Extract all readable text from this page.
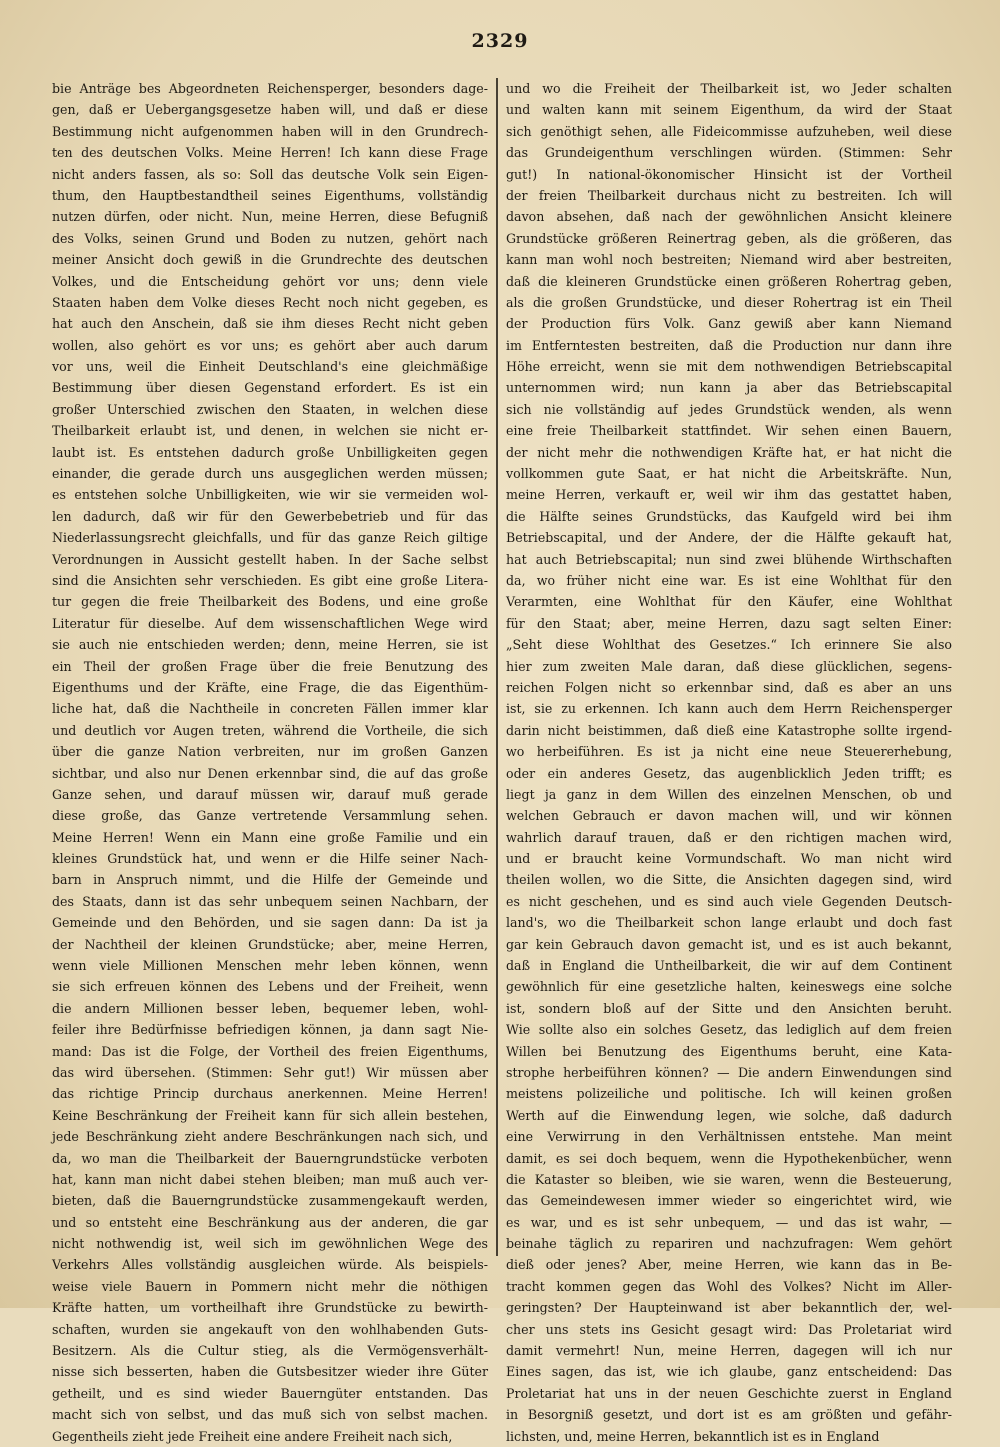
2329
bie Anträge bes Abgeordneten Reichensperger, besonders dage-
gen, daß er Uebergangsgesetze haben will, und daß er diese
Bestimmung nicht aufgenommen haben will in den Grundrech-
ten des deutschen Volks. Meine Herren! Ich kann diese Frage
nicht anders fassen, als so: Soll das deutsche Volk sein Eigen-
thum, den Hauptbestandtheil seines Eigenthums, vollständig
nutzen dürfen, oder nicht. Nun, meine Herren, diese Befugniß
des Volks, seinen Grund und Boden zu nutzen, gehört nach
meiner Ansicht doch gewiß in die Grundrechte des deutschen
Volkes, und die Entscheidung gehört vor uns; denn viele
Staaten haben dem Volke dieses Recht noch nicht gegeben, es
hat auch den Anschein, daß sie ihm dieses Recht nicht geben
wollen, also gehört es vor uns; es gehört aber auch darum
vor uns, weil die Einheit Deutschland's eine gleichmäßige
Bestimmung über diesen Gegenstand erfordert. Es ist ein
großer Unterschied zwischen den Staaten, in welchen diese
Theilbarkeit erlaubt ist, und denen, in welchen sie nicht er-
laubt ist. Es entstehen dadurch große Unbilligkeiten gegen
einander, die gerade durch uns ausgeglichen werden müssen;
es entstehen solche Unbilligkeiten, wie wir sie vermeiden wol-
len dadurch, daß wir für den Gewerbebetrieb und für das
Niederlassungsrecht gleichfalls, und für das ganze Reich giltige
Verordnungen in Aussicht gestellt haben. In der Sache selbst
sind die Ansichten sehr verschieden. Es gibt eine große Litera-
tur gegen die freie Theilbarkeit des Bodens, und eine große
Literatur für dieselbe. Auf dem wissenschaftlichen Wege wird
sie auch nie entschieden werden; denn, meine Herren, sie ist
ein Theil der großen Frage über die freie Benutzung des
Eigenthums und der Kräfte, eine Frage, die das Eigenthüm-
liche hat, daß die Nachtheile in concreten Fällen immer klar
und deutlich vor Augen treten, während die Vortheile, die sich
über die ganze Nation verbreiten, nur im großen Ganzen
sichtbar, und also nur Denen erkennbar sind, die auf das große
Ganze sehen, und darauf müssen wir, darauf muß gerade
diese große, das Ganze vertretende Versammlung sehen.
Meine Herren! Wenn ein Mann eine große Familie und ein
kleines Grundstück hat, und wenn er die Hilfe seiner Nach-
barn in Anspruch nimmt, und die Hilfe der Gemeinde und
des Staats, dann ist das sehr unbequem seinen Nachbarn, der
Gemeinde und den Behörden, und sie sagen dann: Da ist ja
der Nachtheil der kleinen Grundstücke; aber, meine Herren,
wenn viele Millionen Menschen mehr leben können, wenn
sie sich erfreuen können des Lebens und der Freiheit, wenn
die andern Millionen besser leben, bequemer leben, wohl-
feiler ihre Bedürfnisse befriedigen können, ja dann sagt Nie-
mand: Das ist die Folge, der Vortheil des freien Eigenthums,
das wird übersehen. (Stimmen: Sehr gut!) Wir müssen aber
das richtige Princip durchaus anerkennen. Meine Herren!
Keine Beschränkung der Freiheit kann für sich allein bestehen,
jede Beschränkung zieht andere Beschränkungen nach sich, und
da, wo man die Theilbarkeit der Bauerngrundstücke verboten
hat, kann man nicht dabei stehen bleiben; man muß auch ver-
bieten, daß die Bauerngrundstücke zusammengekauft werden,
und so entsteht eine Beschränkung aus der anderen, die gar
nicht nothwendig ist, weil sich im gewöhnlichen Wege des
Verkehrs Alles vollständig ausgleichen würde. Als beispiels-
weise viele Bauern in Pommern nicht mehr die nöthigen
Kräfte hatten, um vortheilhaft ihre Grundstücke zu bewirth-
schaften, wurden sie angekauft von den wohlhabenden Guts-
Besitzern. Als die Cultur stieg, als die Vermögensverhält-
nisse sich besserten, haben die Gutsbesitzer wieder ihre Güter
getheilt, und es sind wieder Bauerngüter entstanden. Das
macht sich von selbst, und das muß sich von selbst machen.
Gegentheils zieht jede Freiheit eine andere Freiheit nach sich,
und wo die Freiheit der Theilbarkeit ist, wo Jeder schalten
und walten kann mit seinem Eigenthum, da wird der Staat
sich genöthigt sehen, alle Fideicommisse aufzuheben, weil diese
das Grundeigenthum verschlingen würden. (Stimmen: Sehr
gut!) In national-ökonomischer Hinsicht ist der Vortheil
der freien Theilbarkeit durchaus nicht zu bestreiten. Ich will
davon absehen, daß nach der gewöhnlichen Ansicht kleinere
Grundstücke größeren Reinertrag geben, als die größeren, das
kann man wohl noch bestreiten; Niemand wird aber bestreiten,
daß die kleineren Grundstücke einen größeren Rohertrag geben,
als die großen Grundstücke, und dieser Rohertrag ist ein Theil
der Production fürs Volk. Ganz gewiß aber kann Niemand
im Entferntesten bestreiten, daß die Production nur dann ihre
Höhe erreicht, wenn sie mit dem nothwendigen Betriebscapital
unternommen wird; nun kann ja aber das Betriebscapital
sich nie vollständig auf jedes Grundstück wenden, als wenn
eine freie Theilbarkeit stattfindet. Wir sehen einen Bauern,
der nicht mehr die nothwendigen Kräfte hat, er hat nicht die
vollkommen gute Saat, er hat nicht die Arbeitskräfte. Nun,
meine Herren, verkauft er, weil wir ihm das gestattet haben,
die Hälfte seines Grundstücks, das Kaufgeld wird bei ihm
Betriebscapital, und der Andere, der die Hälfte gekauft hat,
hat auch Betriebscapital; nun sind zwei blühende Wirthschaften
da, wo früher nicht eine war. Es ist eine Wohlthat für den
Verarmten, eine Wohlthat für den Käufer, eine Wohlthat
für den Staat; aber, meine Herren, dazu sagt selten Einer:
„Seht diese Wohlthat des Gesetzes.“ Ich erinnere Sie also
hier zum zweiten Male daran, daß diese glücklichen, segens-
reichen Folgen nicht so erkennbar sind, daß es aber an uns
ist, sie zu erkennen. Ich kann auch dem Herrn Reichensperger
darin nicht beistimmen, daß dieß eine Katastrophe sollte irgend-
wo herbeiführen. Es ist ja nicht eine neue Steuererhebung,
oder ein anderes Gesetz, das augenblicklich Jeden trifft; es
liegt ja ganz in dem Willen des einzelnen Menschen, ob und
welchen Gebrauch er davon machen will, und wir können
wahrlich darauf trauen, daß er den richtigen machen wird,
und er braucht keine Vormundschaft. Wo man nicht wird
theilen wollen, wo die Sitte, die Ansichten dagegen sind, wird
es nicht geschehen, und es sind auch viele Gegenden Deutsch-
land's, wo die Theilbarkeit schon lange erlaubt und doch fast
gar kein Gebrauch davon gemacht ist, und es ist auch bekannt,
daß in England die Untheilbarkeit, die wir auf dem Continent
gewöhnlich für eine gesetzliche halten, keineswegs eine solche
ist, sondern bloß auf der Sitte und den Ansichten beruht.
Wie sollte also ein solches Gesetz, das lediglich auf dem freien
Willen bei Benutzung des Eigenthums beruht, eine Kata-
strophe herbeiführen können? — Die andern Einwendungen sind
meistens polizeiliche und politische. Ich will keinen großen
Werth auf die Einwendung legen, wie solche, daß dadurch
eine Verwirrung in den Verhältnissen entstehe. Man meint
damit, es sei doch bequem, wenn die Hypothekenbücher, wenn
die Kataster so bleiben, wie sie waren, wenn die Besteuerung,
das Gemeindewesen immer wieder so eingerichtet wird, wie
es war, und es ist sehr unbequem, — und das ist wahr, —
beinahe täglich zu repariren und nachzufragen: Wem gehört
dieß oder jenes? Aber, meine Herren, wie kann das in Be-
tracht kommen gegen das Wohl des Volkes? Nicht im Aller-
geringsten? Der Haupteinwand ist aber bekanntlich der, wel-
cher uns stets ins Gesicht gesagt wird: Das Proletariat wird
damit vermehrt! Nun, meine Herren, dagegen will ich nur
Eines sagen, das ist, wie ich glaube, ganz entscheidend: Das
Proletariat hat uns in der neuen Geschichte zuerst in England
in Besorgniß gesetzt, und dort ist es am größten und gefähr-
lichsten, und, meine Herren, bekanntlich ist es in England
